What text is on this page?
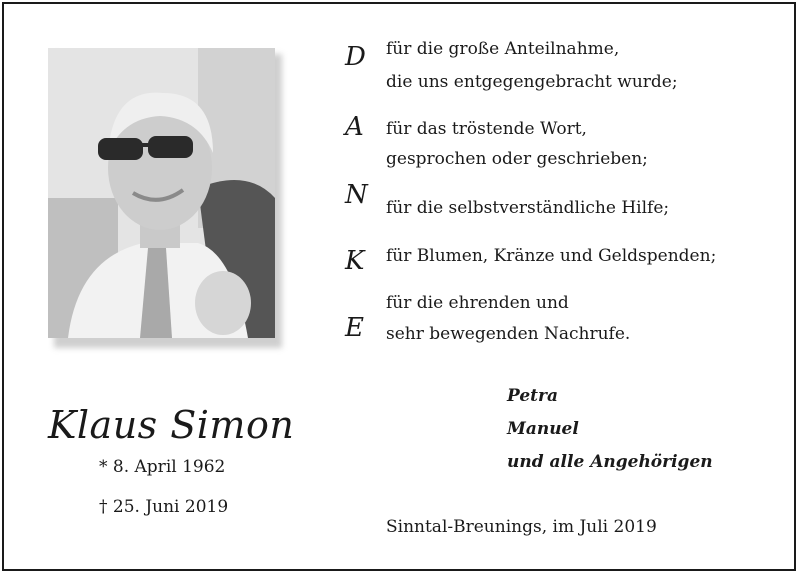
Klaus Simon
* 8. April 1962
† 25. Juni 2019
D für die große Anteilnahme,
die uns entgegengebracht wurde;
A	für das tröstende Wort,
gesprochen oder geschrieben;
N für die selbstverständliche Hilfe;
K für Blumen, Kränze und Geldspenden;
E
für die ehrenden und
sehr bewegenden Nachrufe.
Petra
Manuel
und alle Angehörigen
Sinntal-Breunings, im Juli 2019
